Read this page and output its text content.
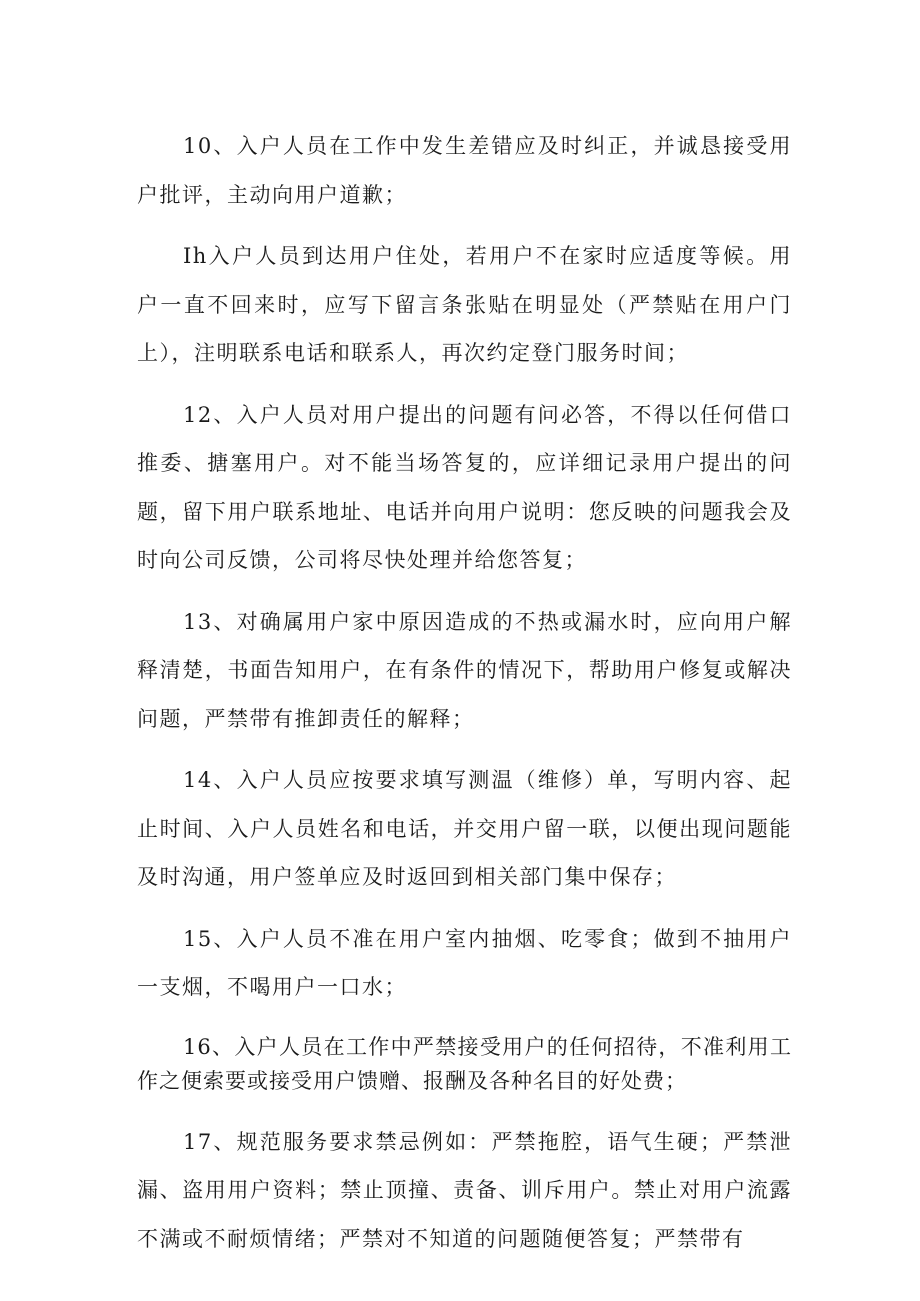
10、入户人员在工作中发生差错应及时纠正，并诚恳接受用户批评，主动向用户道歉；

Ih入户人员到达用户住处，若用户不在家时应适度等候。用户一直不回来时，应写下留言条张贴在明显处（严禁贴在用户门上），注明联系电话和联系人，再次约定登门服务时间；

12、入户人员对用户提出的问题有问必答，不得以任何借口推委、搪塞用户。对不能当场答复的，应详细记录用户提出的问题，留下用户联系地址、电话并向用户说明：您反映的问题我会及时向公司反馈，公司将尽快处理并给您答复；

13、对确属用户家中原因造成的不热或漏水时，应向用户解释清楚，书面告知用户，在有条件的情况下，帮助用户修复或解决问题，严禁带有推卸责任的解释；

14、入户人员应按要求填写测温（维修）单，写明内容、起止时间、入户人员姓名和电话，并交用户留一联，以便出现问题能及时沟通，用户签单应及时返回到相关部门集中保存；

15、入户人员不准在用户室内抽烟、吃零食；做到不抽用户一支烟，不喝用户一口水；

16、入户人员在工作中严禁接受用户的任何招待，不准利用工作之便索要或接受用户馈赠、报酬及各种名目的好处费；

17、规范服务要求禁忌例如：严禁拖腔，语气生硬；严禁泄漏、盗用用户资料；禁止顶撞、责备、训斥用户。禁止对用户流露不满或不耐烦情绪；严禁对不知道的问题随便答复；严禁带有
